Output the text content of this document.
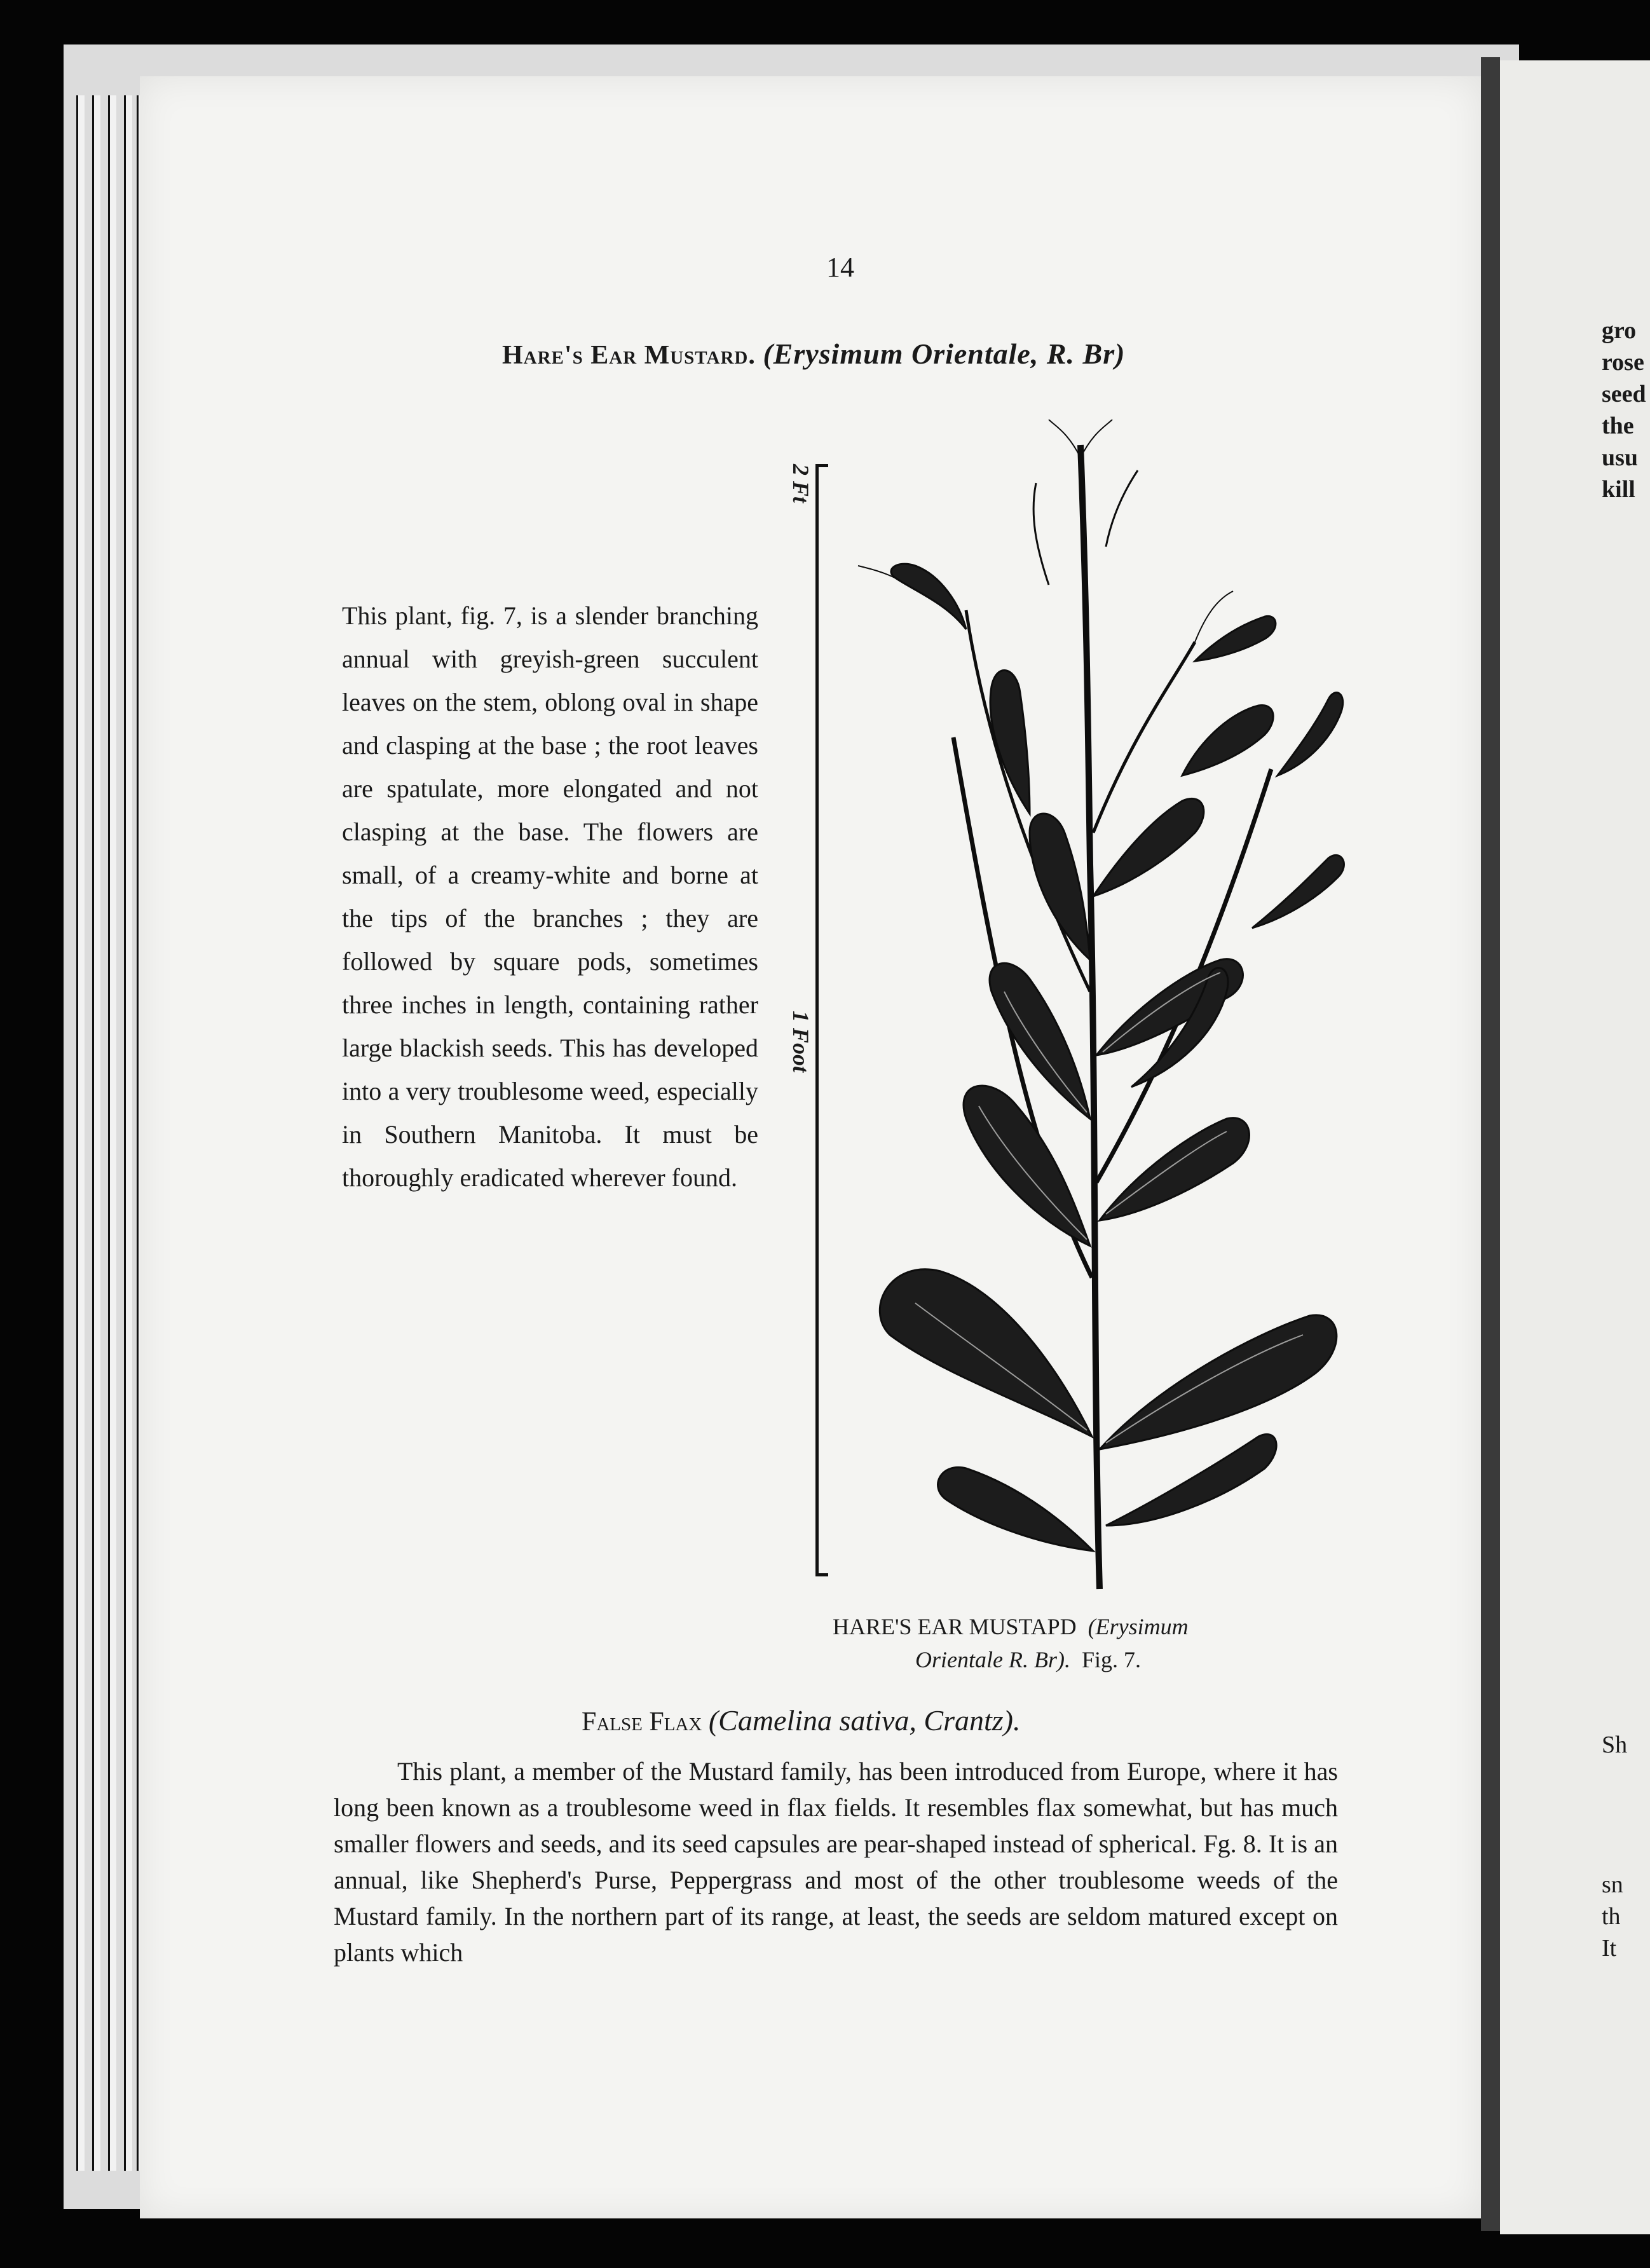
gro
rose
seed
the
usu
kill
Sh
sn
th
It
14
Hare's Ear Mustard. (Erysimum Orientale, R. Br)
This plant, fig. 7, is a slender branching annual with greyish-green succulent leaves on the stem, oblong oval in shape and clasping at the base ; the root leaves are spatulate, more elongated and not clasping at the base. The flowers are small, of a creamy-white and borne at the tips of the branches ; they are followed by square pods, sometimes three inches in length, containing rather large blackish seeds. This has developed into a very troublesome weed, especially in Southern Manitoba. It must be thoroughly eradicated wherever found.
2 Ft
1 Foot
HARE'S EAR MUSTAPD (Erysimum
Orientale R. Br). Fig. 7.
False Flax (Camelina sativa, Crantz).
This plant, a member of the Mustard family, has been introduced from Europe, where it has long been known as a troublesome weed in flax fields. It resembles flax somewhat, but has much smaller flowers and seeds, and its seed capsules are pear-shaped instead of spherical. Fg. 8. It is an annual, like Shepherd's Purse, Peppergrass and most of the other troublesome weeds of the Mustard family. In the northern part of its range, at least, the seeds are seldom matured except on plants which
